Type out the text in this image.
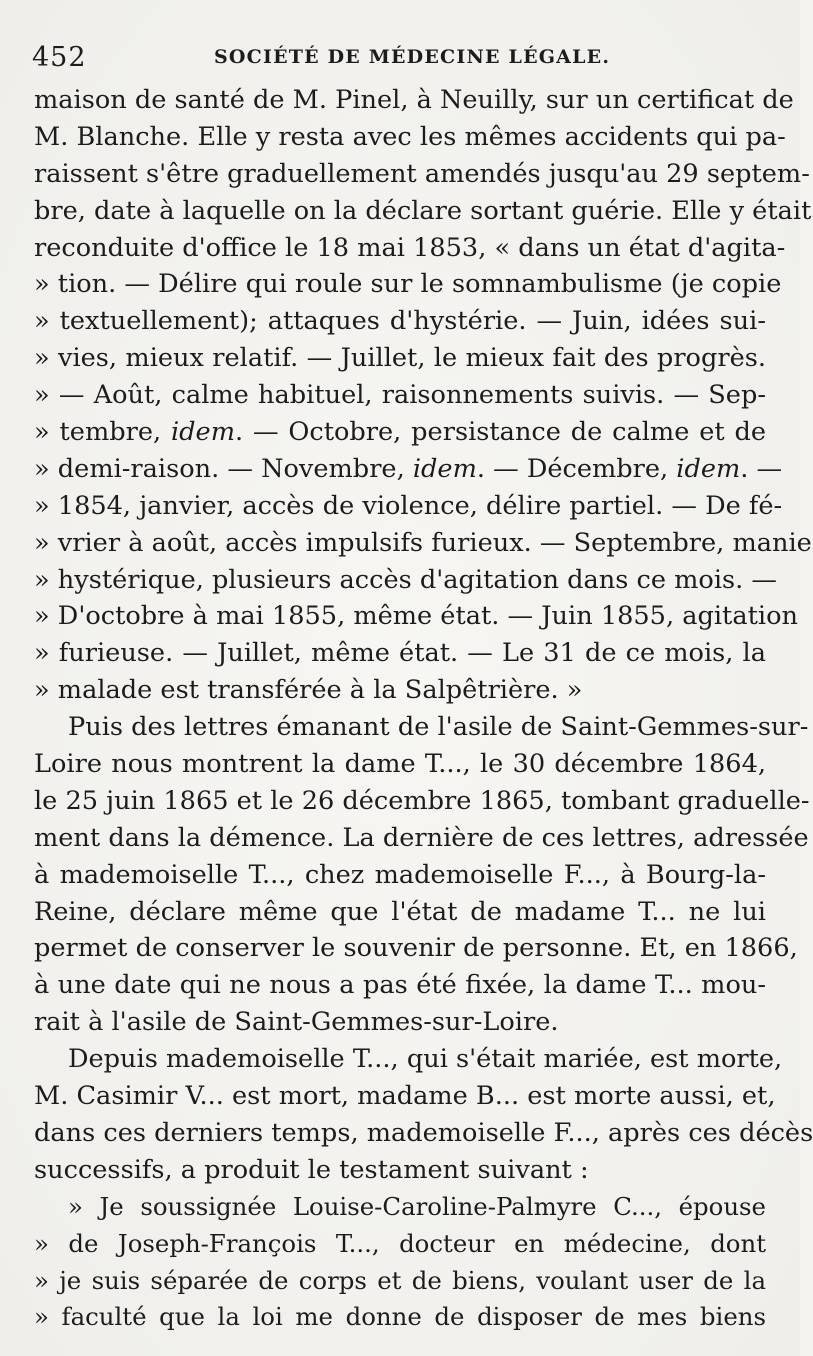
452	SOCIÉTÉ DE MÉDECINE LÉGALE.
maison de santé de M. Pinel, à Neuilly, sur un certificat de
M. Blanche. Elle y resta avec les mêmes accidents qui pa-
raissent s'être graduellement amendés jusqu'au 29 septem-
bre, date à laquelle on la déclare sortant guérie. Elle y était
reconduite d'office le 18 mai 1853, « dans un état d'agita-
» tion. — Délire qui roule sur le somnambulisme (je copie
» textuellement); attaques d'hystérie. — Juin, idées sui-
» vies, mieux relatif. — Juillet, le mieux fait des progrès.
» — Août, calme habituel, raisonnements suivis. — Sep-
» tembre, idem. — Octobre, persistance de calme et de
» demi-raison. — Novembre, idem. — Décembre, idem. —
» 1854, janvier, accès de violence, délire partiel. — De fé-
» vrier à août, accès impulsifs furieux. — Septembre, manie
» hystérique, plusieurs accès d'agitation dans ce mois. —
» D'octobre à mai 1855, même état. — Juin 1855, agitation
» furieuse. — Juillet, même état. — Le 31 de ce mois, la
» malade est transférée à la Salpêtrière. »
Puis des lettres émanant de l'asile de Saint-Gemmes-sur-
Loire nous montrent la dame T..., le 30 décembre 1864,
le 25 juin 1865 et le 26 décembre 1865, tombant graduelle-
ment dans la démence. La dernière de ces lettres, adressée
à mademoiselle T..., chez mademoiselle F..., à Bourg-la-
Reine, déclare même que l'état de madame T... ne lui
permet de conserver le souvenir de personne. Et, en 1866,
à une date qui ne nous a pas été fixée, la dame T... mou-
rait à l'asile de Saint-Gemmes-sur-Loire.
Depuis mademoiselle T..., qui s'était mariée, est morte,
M. Casimir V... est mort, madame B... est morte aussi, et,
dans ces derniers temps, mademoiselle F..., après ces décès
successifs, a produit le testament suivant :
» Je soussignée Louise-Caroline-Palmyre C..., épouse
» de Joseph-François T..., docteur en médecine, dont
» je suis séparée de corps et de biens, voulant user de la
» faculté que la loi me donne de disposer de mes biens
